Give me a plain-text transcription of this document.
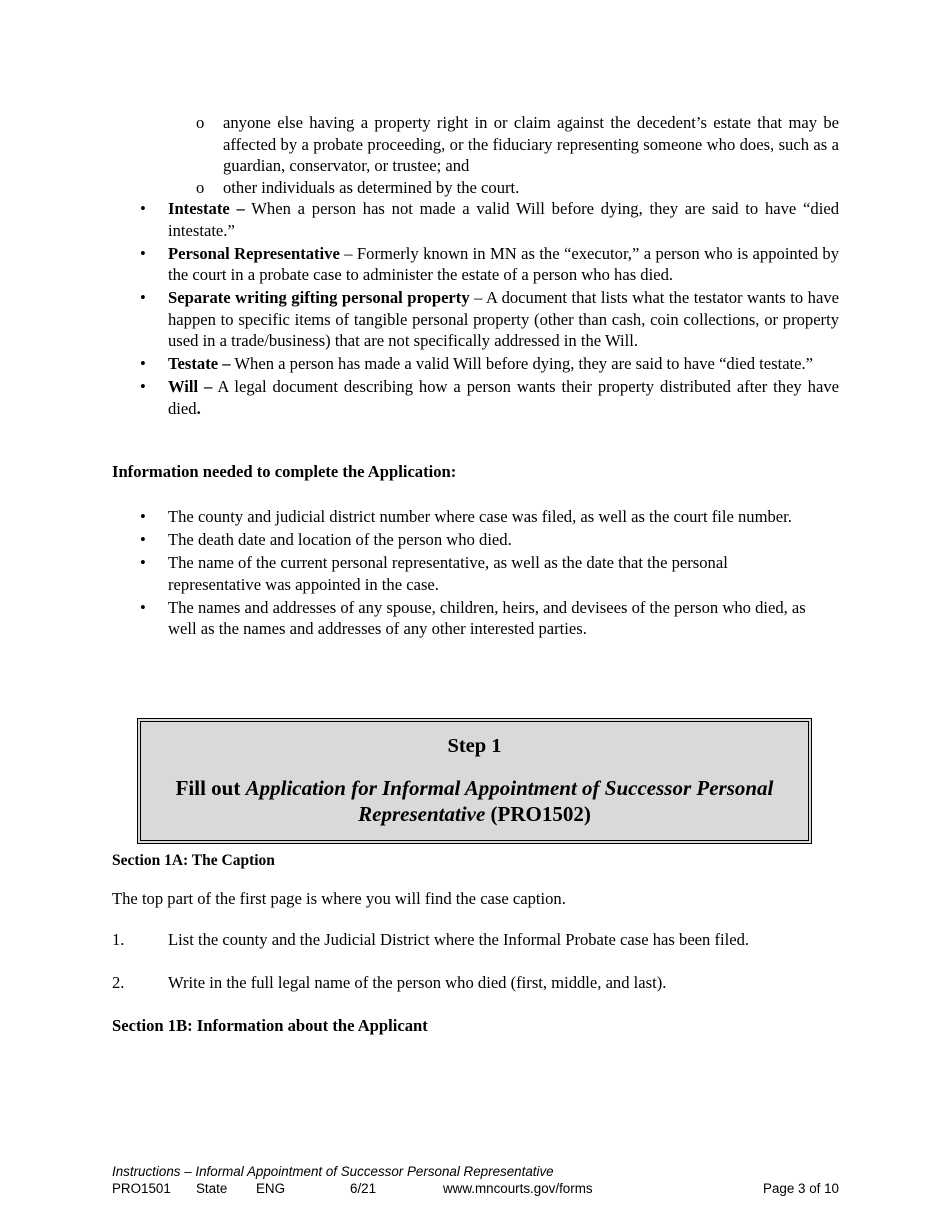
o anyone else having a property right in or claim against the decedent’s estate that may be affected by a probate proceeding, or the fiduciary representing someone who does, such as a guardian, conservator, or trustee; and
o other individuals as determined by the court.
• Intestate – When a person has not made a valid Will before dying, they are said to have “died intestate.”
• Personal Representative – Formerly known in MN as the “executor,” a person who is appointed by the court in a probate case to administer the estate of a person who has died.
• Separate writing gifting personal property – A document that lists what the testator wants to have happen to specific items of tangible personal property (other than cash, coin collections, or property used in a trade/business) that are not specifically addressed in the Will.
• Testate – When a person has made a valid Will before dying, they are said to have “died testate.”
• Will – A legal document describing how a person wants their property distributed after they have died.
Information needed to complete the Application:
• The county and judicial district number where case was filed, as well as the court file number.
• The death date and location of the person who died.
• The name of the current personal representative, as well as the date that the personal representative was appointed in the case.
• The names and addresses of any spouse, children, heirs, and devisees of the person who died, as well as the names and addresses of any other interested parties.
Step 1
Fill out Application for Informal Appointment of Successor Personal Representative (PRO1502)
Section 1A: The Caption
The top part of the first page is where you will find the case caption.
1.	List the county and the Judicial District where the Informal Probate case has been filed.
2.	Write in the full legal name of the person who died (first, middle, and last).
Section 1B: Information about the Applicant
Instructions – Informal Appointment of Successor Personal Representative
PRO1501 State ENG	6/21	www.mncourts.gov/forms	Page 3 of 10
